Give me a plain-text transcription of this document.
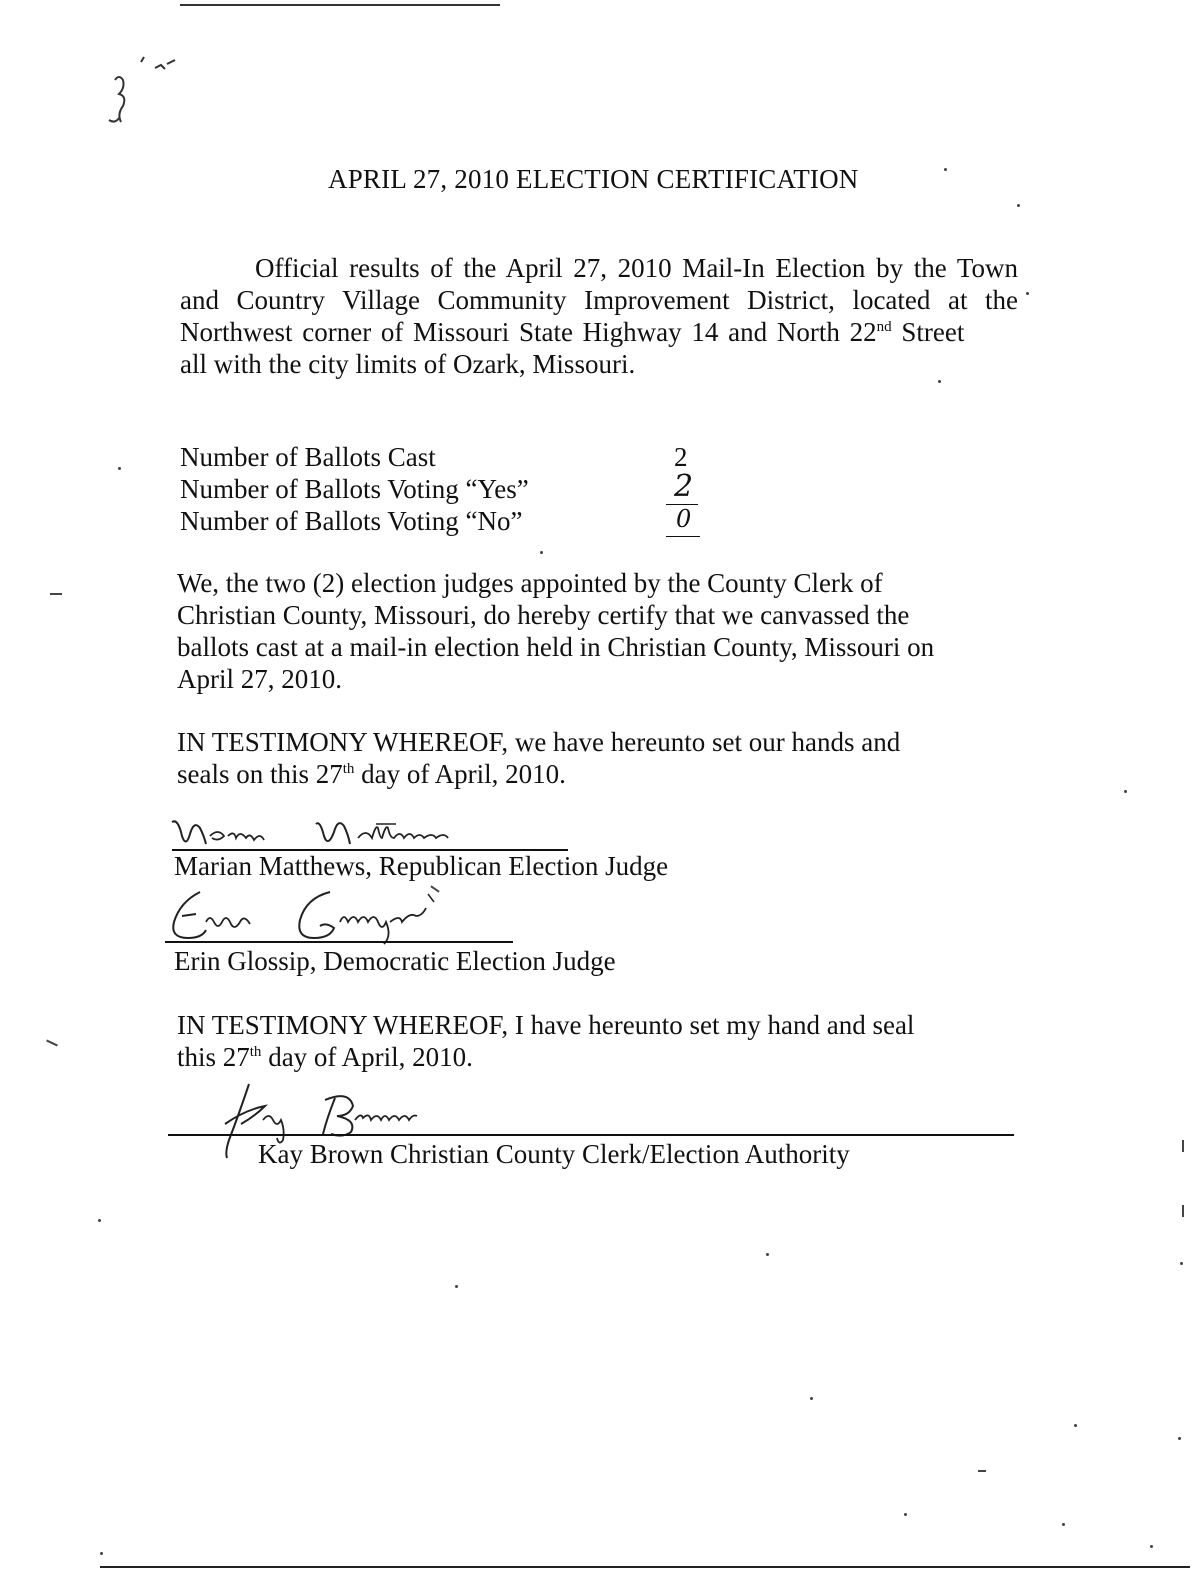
APRIL 27, 2010 ELECTION CERTIFICATION
Official results of the April 27, 2010 Mail-In Election by the Town
and Country Village Community Improvement District, located at the
Northwest corner of Missouri State Highway 14 and North 22nd Street
all with the city limits of Ozark, Missouri.
Number of Ballots Cast	2
Number of Ballots Voting “Yes”	2
Number of Ballots Voting “No”	0
We, the two (2) election judges appointed by the County Clerk of
Christian County, Missouri, do hereby certify that we canvassed the
ballots cast at a mail-in election held in Christian County, Missouri on
April 27, 2010.
IN TESTIMONY WHEREOF, we have hereunto set our hands and
seals on this 27th day of April, 2010.
Marian Matthews, Republican Election Judge
Erin Glossip, Democratic Election Judge
IN TESTIMONY WHEREOF, I have hereunto set my hand and seal
this 27th day of April, 2010.
Kay Brown Christian County Clerk/Election Authority
